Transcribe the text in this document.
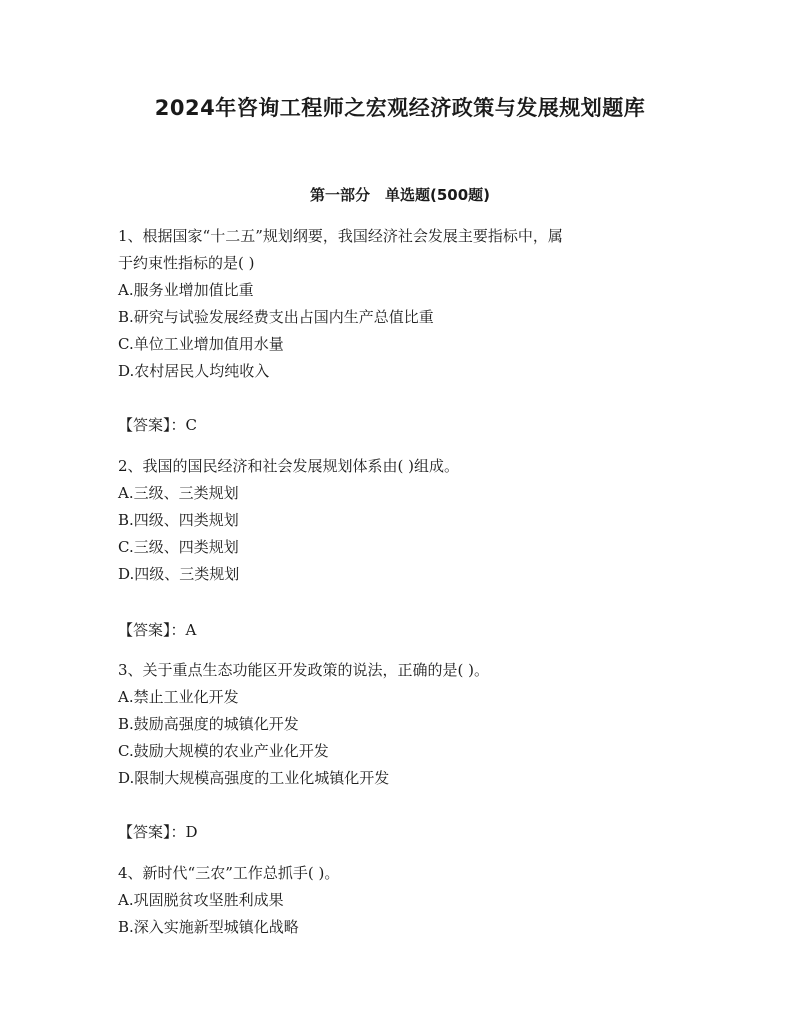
2024年咨询工程师之宏观经济政策与发展规划题库
第一部分　单选题(500题)
1、根据国家“十二五”规划纲要，我国经济社会发展主要指标中，属
于约束性指标的是( )
A.服务业增加值比重
B.研究与试验发展经费支出占国内生产总值比重
C.单位工业增加值用水量
D.农村居民人均纯收入
【答案】：C
2、我国的国民经济和社会发展规划体系由( )组成。
A.三级、三类规划
B.四级、四类规划
C.三级、四类规划
D.四级、三类规划
【答案】：A
3、关于重点生态功能区开发政策的说法，正确的是( )。
A.禁止工业化开发
B.鼓励高强度的城镇化开发
C.鼓励大规模的农业产业化开发
D.限制大规模高强度的工业化城镇化开发
【答案】：D
4、新时代“三农”工作总抓手( )。
A.巩固脱贫攻坚胜利成果
B.深入实施新型城镇化战略
